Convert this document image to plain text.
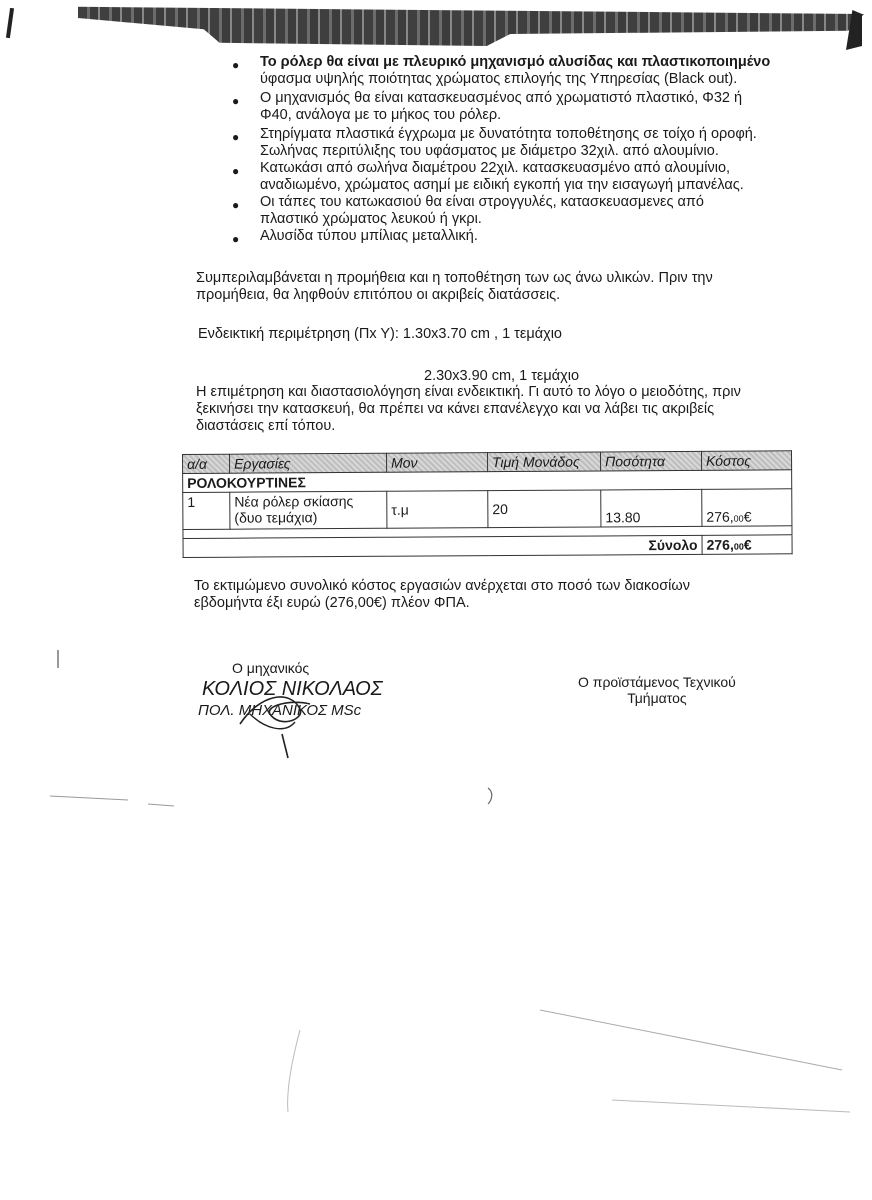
● Το ρόλερ θα είναι με πλευρικό μηχανισμό αλυσίδας και πλαστικοποιημένο
ύφασμα υψηλής ποιότητας χρώματος επιλογής της Υπηρεσίας (Black out).
● Ο μηχανισμός θα είναι κατασκευασμένος από χρωματιστό πλαστικό, Φ32 ή
Φ40, ανάλογα με το μήκος του ρόλερ.
● Στηρίγματα πλαστικά έγχρωμα με δυνατότητα τοποθέτησης σε τοίχο ή οροφή.
Σωλήνας περιτύλιξης του υφάσματος με διάμετρο 32χιλ. από αλουμίνιο.
● Κατωκάσι από σωλήνα διαμέτρου 22χιλ. κατασκευασμένο από αλουμίνιο,
αναδιωμένο, χρώματος ασημί με ειδική εγκοπή για την εισαγωγή μπανέλας.
● Οι τάπες του κατωκασιού θα είναι στρογγυλές, κατασκευασμενες από
πλαστικό χρώματος λευκού ή γκρι.
● Αλυσίδα τύπου μπίλιας μεταλλική.
Συμπεριλαμβάνεται η προμήθεια και η τοποθέτηση των ως άνω υλικών. Πριν την
προμήθεια, θα ληφθούν επιτόπου οι ακριβείς διατάσσεις.
Ενδεικτική περιμέτρηση (Πx Y): 1.30x3.70 cm , 1 τεμάχιο
2.30x3.90 cm, 1 τεμάχιο
Η επιμέτρηση και διαστασιολόγηση είναι ενδεικτική. Γι αυτό το λόγο ο μειοδότης, πριν
ξεκινήσει την κατασκευή, θα πρέπει να κάνει επανέλεγχο και να λάβει τις ακριβείς
διαστάσεις επί τόπου.
α/α	Εργασίες	Μον	Τιμή Μονάδος	Ποσότητα	Κόστος
ΡΟΛΟΚΟΥΡΤΙΝΕΣ					
1	Νέα ρόλερ σκίασης
(δυο τεμάχια)	τ.μ	20	13.80	276,00€

Σύνολο					276,00€
Το εκτιμώμενο συνολικό κόστος εργασιών ανέρχεται στο ποσό των διακοσίων
εβδομήντα έξι ευρώ (276,00€) πλέον ΦΠΑ.
Ο μηχανικός
ΚΟΛΙΟΣ ΝΙΚΟΛΑΟΣ
ΠΟΛ. ΜΗΧΑΝΙΚΟΣ MSc
Ο προϊστάμενος Τεχνικού
Τμήματος
